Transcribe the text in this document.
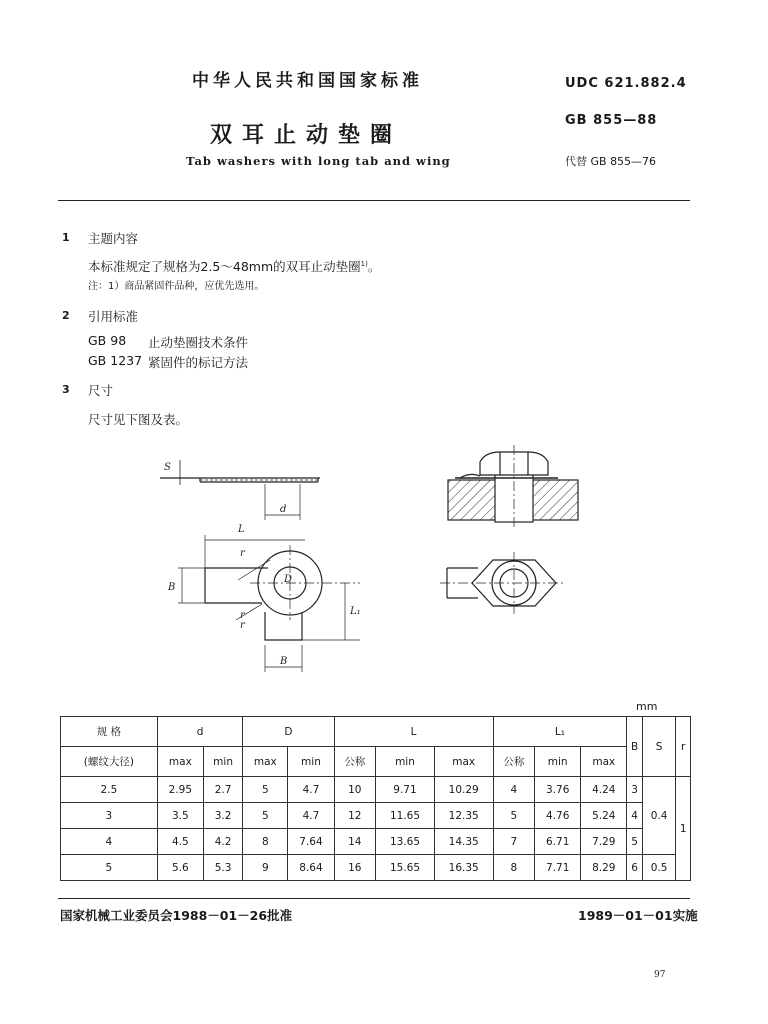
中华人民共和国国家标准	UDC 621.882.4
双耳止动垫圈
GB 855—88
Tab washers with long tab and wing	代替 GB 855—76
1 主题内容
本标准规定了规格为2.5～48mm的双耳止动垫圈$^{1)}$。
注：1）商品紧固件品种，应优先选用。
2 引用标准
GB 98 止动垫圈技术条件
GB 1237 紧固件的标记方法
3 尺寸
尺寸见下图及表。
S
d
L
r
B
D
L₁
r
r
B
mm
规 格	d		D		L			L₁			B	S	r
(螺纹大径)	max	min	max	min	公称	min	max	公称	min	max			
2.5	2.95	2.7	5	4.7	10	9.71	10.29	4	3.76	4.24	3	0.4	1
3	3.5	3.2	5	4.7	12	11.65	12.35	5	4.76	5.24	4		
4	4.5	4.2	8	7.64	14	13.65	14.35	7	6.71	7.29	5		
5	5.6	5.3	9	8.64	16	15.65	16.35	8	7.71	8.29	6	0.5	
国家机械工业委员会1988－01－26批准	1989－01－01实施
97
